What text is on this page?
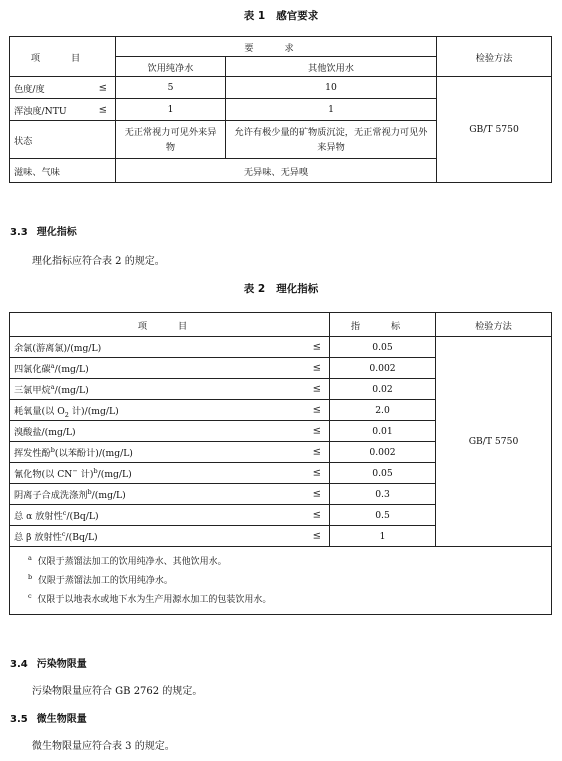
表 1 感官要求
项 目	要 求		检验方法
	饮用纯净水	其他饮用水	
色度/度 ≤	5	10	GB/T 5750
浑浊度/NTU ≤	1	1	
状态	无正常视力可见外来异物	允许有极少量的矿物质沉淀，无正常视力可见外来异物	
滋味、气味	无异味、无异嗅		
3.3 理化指标
理化指标应符合表 2 的规定。
表 2 理化指标
项 目	指 标	检验方法
余氯(游离氯)/(mg/L) ≤	0.05	GB/T 5750
四氯化碳$^a$/(mg/L) ≤	0.002	
三氯甲烷$^a$/(mg/L) ≤	0.02	
耗氧量(以 $O_2$ 计)/(mg/L) ≤	2.0	
溴酸盐/(mg/L) ≤	0.01	
挥发性酚$^b$(以苯酚计)/(mg/L) ≤	0.002	
氰化物(以 CN− 计)$^b$/(mg/L) ≤	0.05	
阴离子合成洗涤剂$^b$/(mg/L) ≤	0.3	
总 α 放射性$^c$/(Bq/L) ≤	0.5	
总 β 放射性$^c$/(Bq/L) ≤	1	

$^a$ 仅限于蒸馏法加工的饮用纯净水、其他饮用水。
$^b$ 仅限于蒸馏法加工的饮用纯净水。
$^c$ 仅限于以地表水或地下水为生产用源水加工的包装饮用水。		
3.4 污染物限量
污染物限量应符合 GB 2762 的规定。
3.5 微生物限量
微生物限量应符合表 3 的规定。
